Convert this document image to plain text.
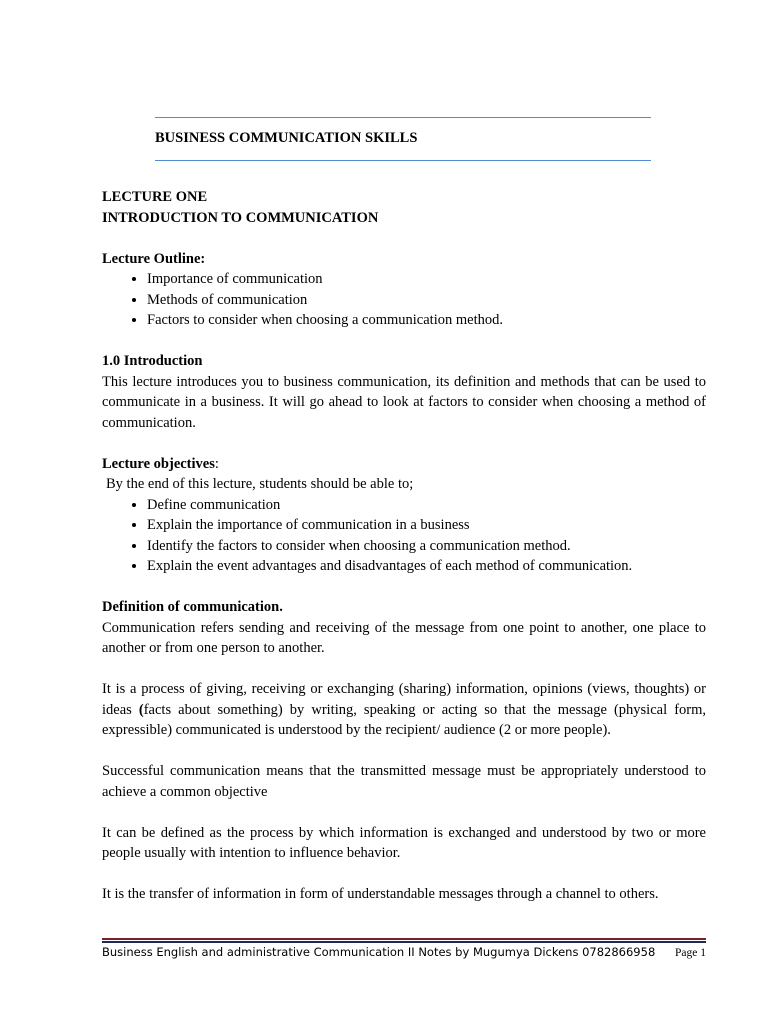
BUSINESS COMMUNICATION SKILLS
LECTURE ONE
INTRODUCTION TO COMMUNICATION
Lecture Outline:
• Importance of communication
• Methods of communication
• Factors to consider when choosing a communication method.
1.0 Introduction
This lecture introduces you to business communication, its definition and methods that can be used to communicate in a business. It will go ahead to look at factors to consider when choosing a method of communication.
Lecture objectives:
By the end of this lecture, students should be able to;
• Define communication
• Explain the importance of communication in a business
• Identify the factors to consider when choosing a communication method.
• Explain the event advantages and disadvantages of each method of communication.
Definition of communication.
Communication refers sending and receiving of the message from one point to another, one place to another or from one person to another.
It is a process of giving, receiving or exchanging (sharing) information, opinions (views, thoughts) or ideas (facts about something) by writing, speaking or acting so that the message (physical form, expressible) communicated is understood by the recipient/ audience (2 or more people).
Successful communication means that the transmitted message must be appropriately understood to achieve a common objective
It can be defined as the process by which information is exchanged and understood by two or more people usually with intention to influence behavior.
It is the transfer of information in form of understandable messages through a channel to others.
Business English and administrative Communication II Notes by Mugumya Dickens 0782866958	Page 1
